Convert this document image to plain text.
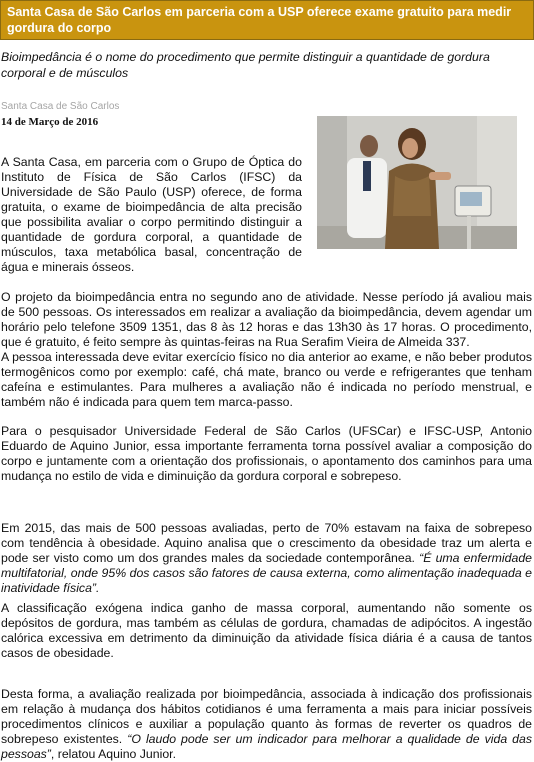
Santa Casa de São Carlos em parceria com a USP oferece exame gratuito para medir gordura do corpo
Bioimpedância é o nome do procedimento que permite distinguir a quantidade de gordura corporal e de músculos
Santa Casa de São Carlos
14 de Março de 2016
A Santa Casa, em parceria com o Grupo de Óptica do Instituto de Física de São Carlos (IFSC) da Universidade de São Paulo (USP) oferece, de forma gratuita, o exame de bioimpedância de alta precisão que possibilita avaliar o corpo permitindo distinguir a quantidade de gordura corporal, a quantidade de músculos, taxa metabólica basal, concentração de água e minerais ósseos.
O projeto da bioimpedância entra no segundo ano de atividade. Nesse período já avaliou mais de 500 pessoas. Os interessados em realizar a avaliação da bioimpedância, devem agendar um horário pelo telefone 3509 1351, das 8 às 12 horas e das 13h30 às 17 horas. O procedimento, que é gratuito, é feito sempre às quintas-feiras na Rua Serafim Vieira de Almeida 337.
A pessoa interessada deve evitar exercício físico no dia anterior ao exame, e não beber produtos termogênicos como por exemplo: café, chá mate, branco ou verde e refrigerantes que tenham cafeína e estimulantes. Para mulheres a avaliação não é indicada no período menstrual, e também não é indicada para quem tem marca-passo.
Para o pesquisador Universidade Federal de São Carlos (UFSCar) e IFSC-USP, Antonio Eduardo de Aquino Junior, essa importante ferramenta torna possível avaliar a composição do corpo e juntamente com a orientação dos profissionais, o apontamento dos caminhos para uma mudança no estilo de vida e diminuição da gordura corporal e sobrepeso.
Em 2015, das mais de 500 pessoas avaliadas, perto de 70% estavam na faixa de sobrepeso com tendência à obesidade. Aquino analisa que o crescimento da obesidade traz um alerta e pode ser visto como um dos grandes males da sociedade contemporânea. “É uma enfermidade multifatorial, onde 95% dos casos são fatores de causa externa, como alimentação inadequada e inatividade física”.
A classificação exógena indica ganho de massa corporal, aumentando não somente os depósitos de gordura, mas também as células de gordura, chamadas de adipócitos. A ingestão calórica excessiva em detrimento da diminuição da atividade física diária é a causa de tantos casos de obesidade.
Desta forma, a avaliação realizada por bioimpedância, associada à indicação dos profissionais em relação à mudança dos hábitos cotidianos é uma ferramenta a mais para iniciar possíveis procedimentos clínicos e auxiliar a população quanto às formas de reverter os quadros de sobrepeso existentes. “O laudo pode ser um indicador para melhorar a qualidade de vida das pessoas”, relatou Aquino Junior.
